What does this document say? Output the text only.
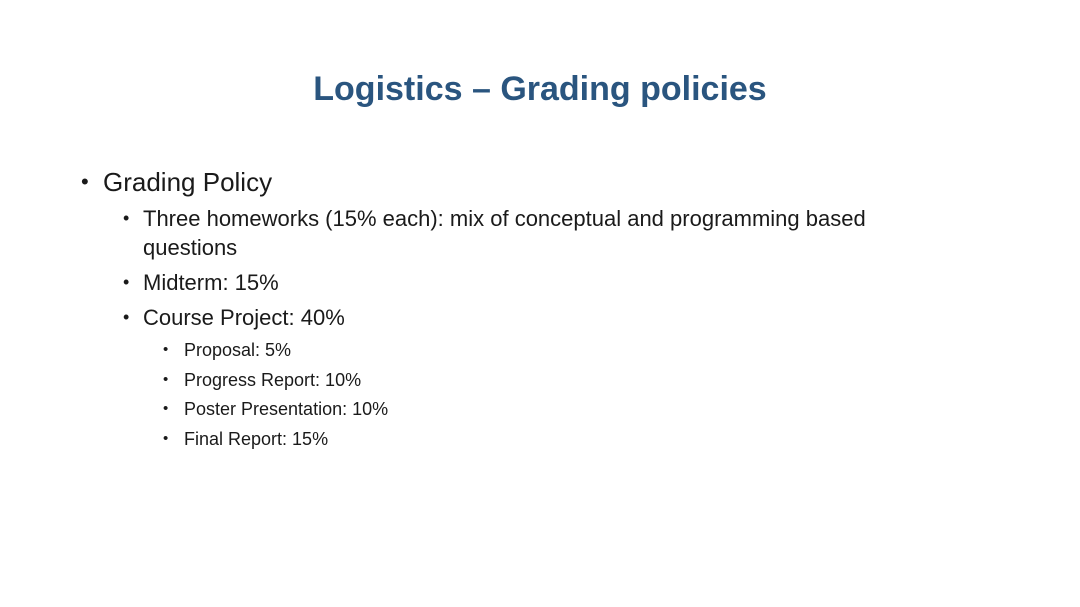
Logistics – Grading policies
• Grading Policy
• Three homeworks (15% each): mix of conceptual and programming based questions
• Midterm: 15%
• Course Project: 40%
• Proposal: 5%
• Progress Report: 10%
• Poster Presentation: 10%
• Final Report: 15%
